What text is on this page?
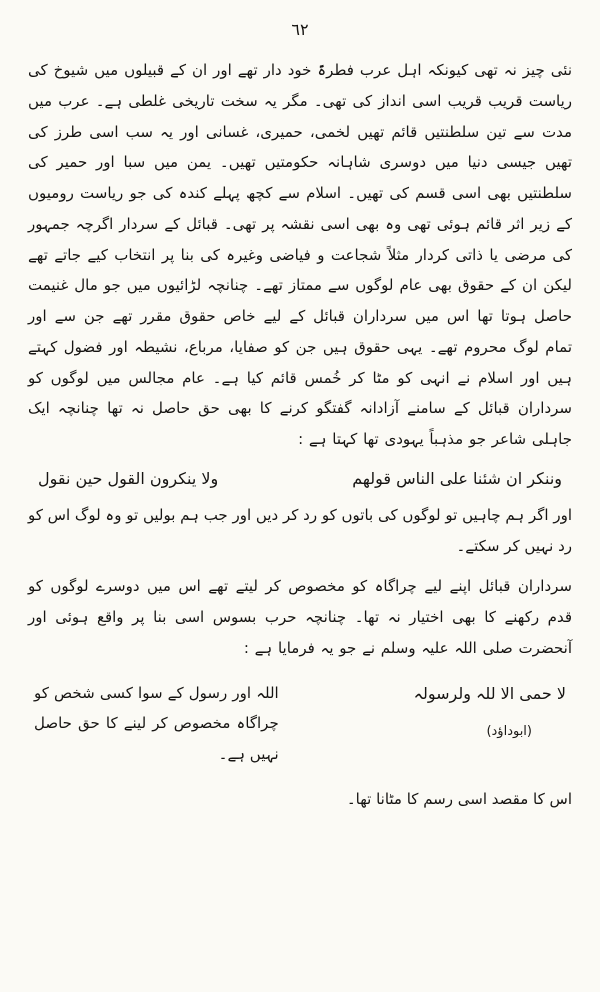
٦٢
نئی چیز نہ تھی کیونکہ اہل عرب فطرۃً خود دار تھے اور ان کے قبیلوں میں شیوخ کی ریاست قریب قریب اسی انداز کی تھی۔ مگر یہ سخت تاریخی غلطی ہے۔ عرب میں مدت سے تین سلطنتیں قائم تھیں لخمی، حمیری، غسانی اور یہ سب اسی طرز کی تھیں جیسی دنیا میں دوسری شاہانہ حکومتیں تھیں۔ یمن میں سبا اور حمیر کی سلطنتیں بھی اسی قسم کی تھیں۔ اسلام سے کچھ پہلے کندہ کی جو ریاست رومیوں کے زیر اثر قائم ہوئی تھی وہ بھی اسی نقشہ پر تھی۔ قبائل کے سردار اگرچہ جمہور کی مرضی یا ذاتی کردار مثلاً شجاعت و فیاضی وغیرہ کی بنا پر انتخاب کیے جاتے تھے لیکن ان کے حقوق بھی عام لوگوں سے ممتاز تھے۔ چنانچہ لڑائیوں میں جو مال غنیمت حاصل ہوتا تھا اس میں سرداران قبائل کے لیے خاص حقوق مقرر تھے جن سے اور تمام لوگ محروم تھے۔ یہی حقوق ہیں جن کو صفایا، مرباع، نشیطہ اور فضول کہتے ہیں اور اسلام نے انہی کو مٹا کر خُمس قائم کیا ہے۔ عام مجالس میں لوگوں کو سرداران قبائل کے سامنے آزادانہ گفتگو کرنے کا بھی حق حاصل نہ تھا چنانچہ ایک جاہلی شاعر جو مذہباً یہودی تھا کہتا ہے :
وننکر ان شئنا علی الناس قولهم
ولا ينکرون القول حين نقول
اور اگر ہم چاہیں تو لوگوں کی باتوں کو رد کر دیں اور جب ہم بولیں تو وہ لوگ اس کو رد نہیں کر سکتے۔
سرداران قبائل اپنے لیے چراگاہ کو مخصوص کر لیتے تھے اس میں دوسرے لوگوں کو قدم رکھنے کا بھی اختیار نہ تھا۔ چنانچہ حرب بسوس اسی بنا پر واقع ہوئی اور آنحضرت صلی اللہ علیہ وسلم نے جو یہ فرمایا ہے :
لا حمی الا للہ ولرسولہ
(ابوداؤد)
اللہ اور رسول کے سوا کسی شخص کو چراگاہ مخصوص کر لینے کا حق حاصل نہیں ہے۔
اس کا مقصد اسی رسم کا مٹانا تھا۔
